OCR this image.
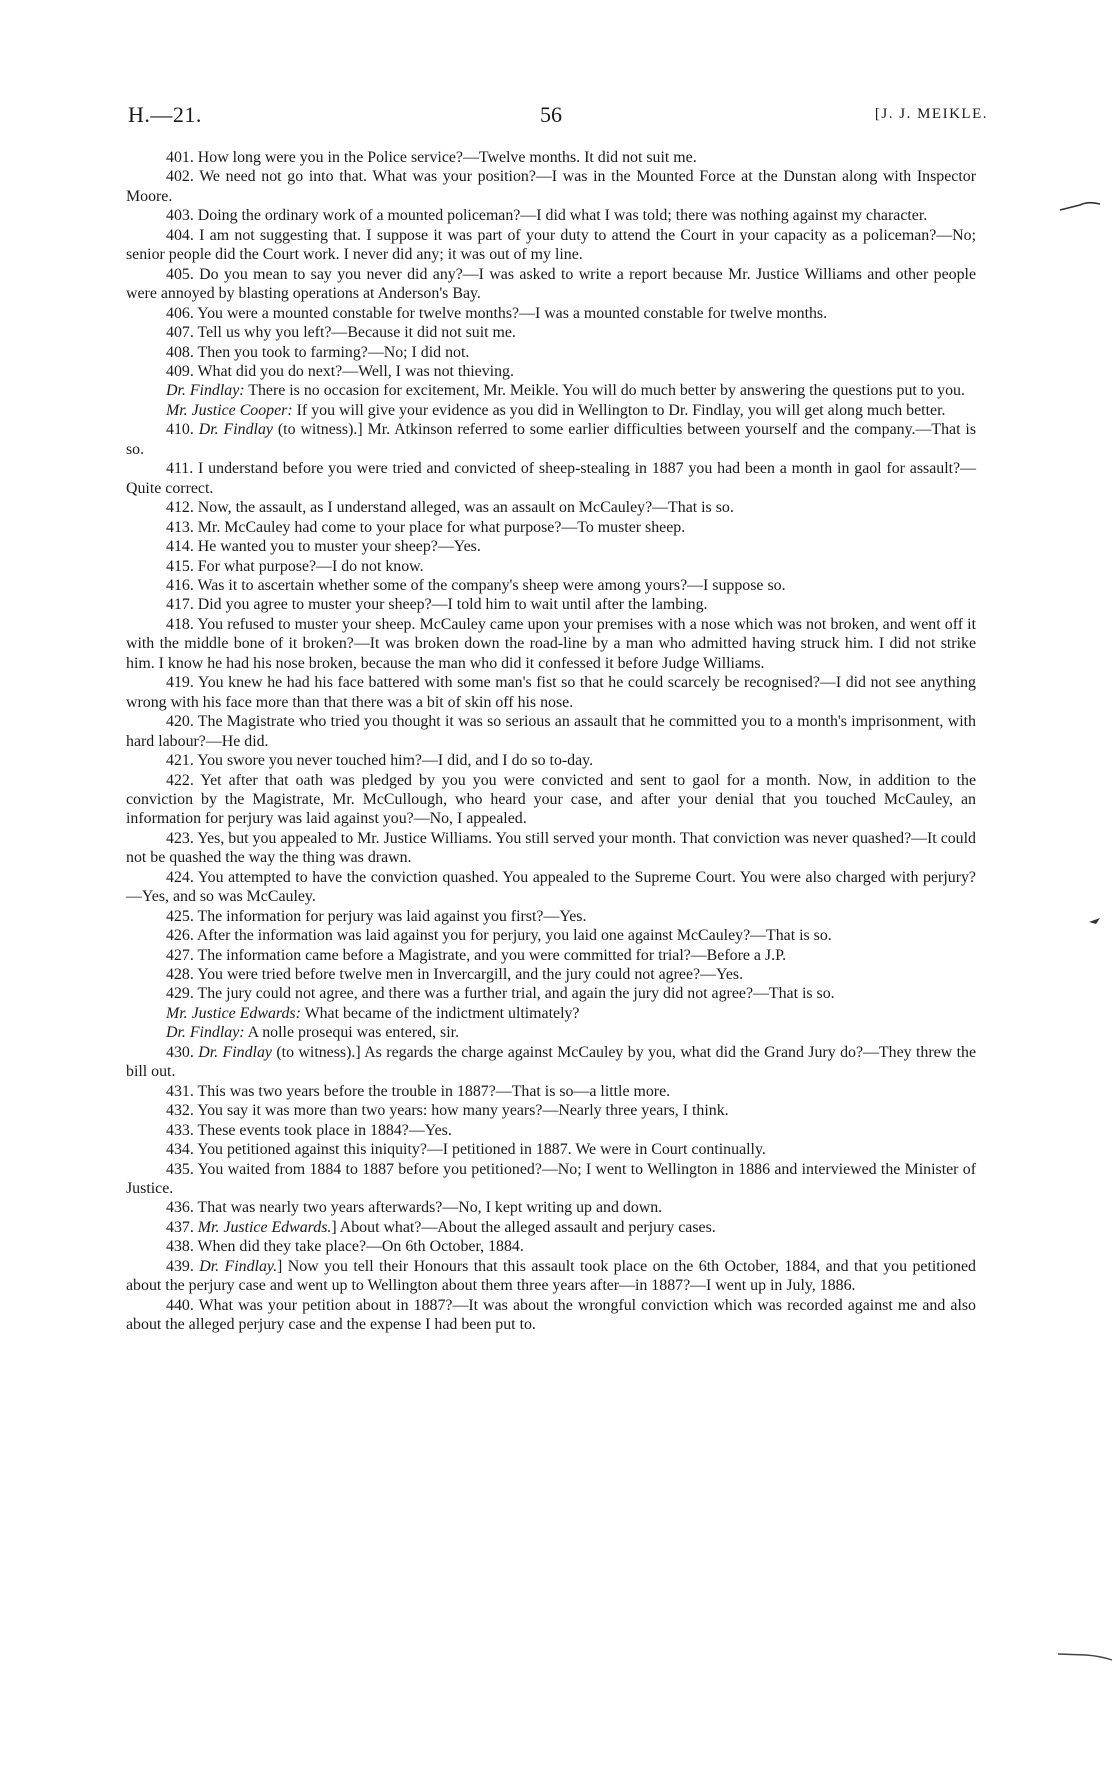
H.—21.	56	[J. J. MEIKLE.

401. How long were you in the Police service?—Twelve months. It did not suit me.

402. We need not go into that. What was your position?—I was in the Mounted Force at the Dunstan along with Inspector Moore.

403. Doing the ordinary work of a mounted policeman?—I did what I was told; there was nothing against my character.

404. I am not suggesting that. I suppose it was part of your duty to attend the Court in your capacity as a policeman?—No; senior people did the Court work. I never did any; it was out of my line.

405. Do you mean to say you never did any?—I was asked to write a report because Mr. Justice Williams and other people were annoyed by blasting operations at Anderson's Bay.

406. You were a mounted constable for twelve months?—I was a mounted constable for twelve months.

407. Tell us why you left?—Because it did not suit me.

408. Then you took to farming?—No; I did not.

409. What did you do next?—Well, I was not thieving.

Dr. Findlay: There is no occasion for excitement, Mr. Meikle. You will do much better by answering the questions put to you.

Mr. Justice Cooper: If you will give your evidence as you did in Wellington to Dr. Findlay, you will get along much better.

410. Dr. Findlay (to witness).] Mr. Atkinson referred to some earlier difficulties between yourself and the company.—That is so.

411. I understand before you were tried and convicted of sheep-stealing in 1887 you had been a month in gaol for assault?—Quite correct.

412. Now, the assault, as I understand alleged, was an assault on McCauley?—That is so.

413. Mr. McCauley had come to your place for what purpose?—To muster sheep.

414. He wanted you to muster your sheep?—Yes.

415. For what purpose?—I do not know.

416. Was it to ascertain whether some of the company's sheep were among yours?—I suppose so.

417. Did you agree to muster your sheep?—I told him to wait until after the lambing.

418. You refused to muster your sheep. McCauley came upon your premises with a nose which was not broken, and went off it with the middle bone of it broken?—It was broken down the road-line by a man who admitted having struck him. I did not strike him. I know he had his nose broken, because the man who did it confessed it before Judge Williams.

419. You knew he had his face battered with some man's fist so that he could scarcely be recognised?—I did not see anything wrong with his face more than that there was a bit of skin off his nose.

420. The Magistrate who tried you thought it was so serious an assault that he committed you to a month's imprisonment, with hard labour?—He did.

421. You swore you never touched him?—I did, and I do so to-day.

422. Yet after that oath was pledged by you you were convicted and sent to gaol for a month. Now, in addition to the conviction by the Magistrate, Mr. McCullough, who heard your case, and after your denial that you touched McCauley, an information for perjury was laid against you?—No, I appealed.

423. Yes, but you appealed to Mr. Justice Williams. You still served your month. That conviction was never quashed?—It could not be quashed the way the thing was drawn.

424. You attempted to have the conviction quashed. You appealed to the Supreme Court. You were also charged with perjury?—Yes, and so was McCauley.

425. The information for perjury was laid against you first?—Yes.

426. After the information was laid against you for perjury, you laid one against McCauley?—That is so.

427. The information came before a Magistrate, and you were committed for trial?—Before a J.P.

428. You were tried before twelve men in Invercargill, and the jury could not agree?—Yes.

429. The jury could not agree, and there was a further trial, and again the jury did not agree?—That is so.

Mr. Justice Edwards: What became of the indictment ultimately?

Dr. Findlay: A nolle prosequi was entered, sir.

430. Dr. Findlay (to witness).] As regards the charge against McCauley by you, what did the Grand Jury do?—They threw the bill out.

431. This was two years before the trouble in 1887?—That is so—a little more.

432. You say it was more than two years: how many years?—Nearly three years, I think.

433. These events took place in 1884?—Yes.

434. You petitioned against this iniquity?—I petitioned in 1887. We were in Court continually.

435. You waited from 1884 to 1887 before you petitioned?—No; I went to Wellington in 1886 and interviewed the Minister of Justice.

436. That was nearly two years afterwards?—No, I kept writing up and down.

437. Mr. Justice Edwards.] About what?—About the alleged assault and perjury cases.

438. When did they take place?—On 6th October, 1884.

439. Dr. Findlay.] Now you tell their Honours that this assault took place on the 6th October, 1884, and that you petitioned about the perjury case and went up to Wellington about them three years after—in 1887?—I went up in July, 1886.

440. What was your petition about in 1887?—It was about the wrongful conviction which was recorded against me and also about the alleged perjury case and the expense I had been put to.
